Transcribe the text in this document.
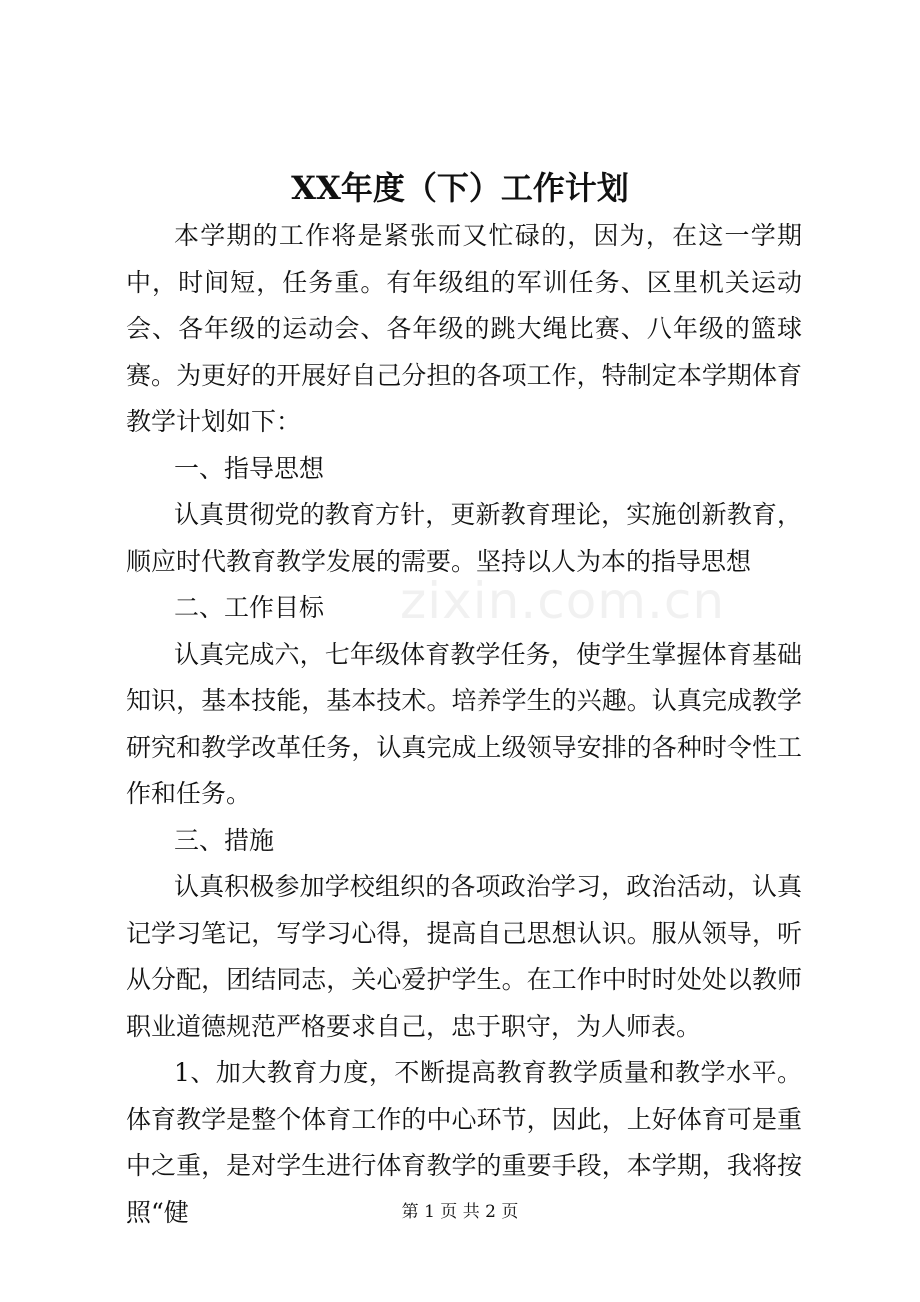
zixin.com.cn
XX年度（下）工作计划

本学期的工作将是紧张而又忙碌的，因为，在这一学期中，时间短，任务重。有年级组的军训任务、区里机关运动会、各年级的运动会、各年级的跳大绳比赛、八年级的篮球赛。为更好的开展好自己分担的各项工作，特制定本学期体育教学计划如下：

一、指导思想

认真贯彻党的教育方针，更新教育理论，实施创新教育，顺应时代教育教学发展的需要。坚持以人为本的指导思想

二、工作目标

认真完成六，七年级体育教学任务，使学生掌握体育基础知识，基本技能，基本技术。培养学生的兴趣。认真完成教学研究和教学改革任务，认真完成上级领导安排的各种时令性工作和任务。

三、措施

认真积极参加学校组织的各项政治学习，政治活动，认真记学习笔记，写学习心得，提高自己思想认识。服从领导，听从分配，团结同志，关心爱护学生。在工作中时时处处以教师职业道德规范严格要求自己，忠于职守，为人师表。

1、加大教育力度，不断提高教育教学质量和教学水平。体育教学是整个体育工作的中心环节，因此，上好体育可是重中之重，是对学生进行体育教学的重要手段，本学期，我将按照“健	第 1 页 共 2 页
